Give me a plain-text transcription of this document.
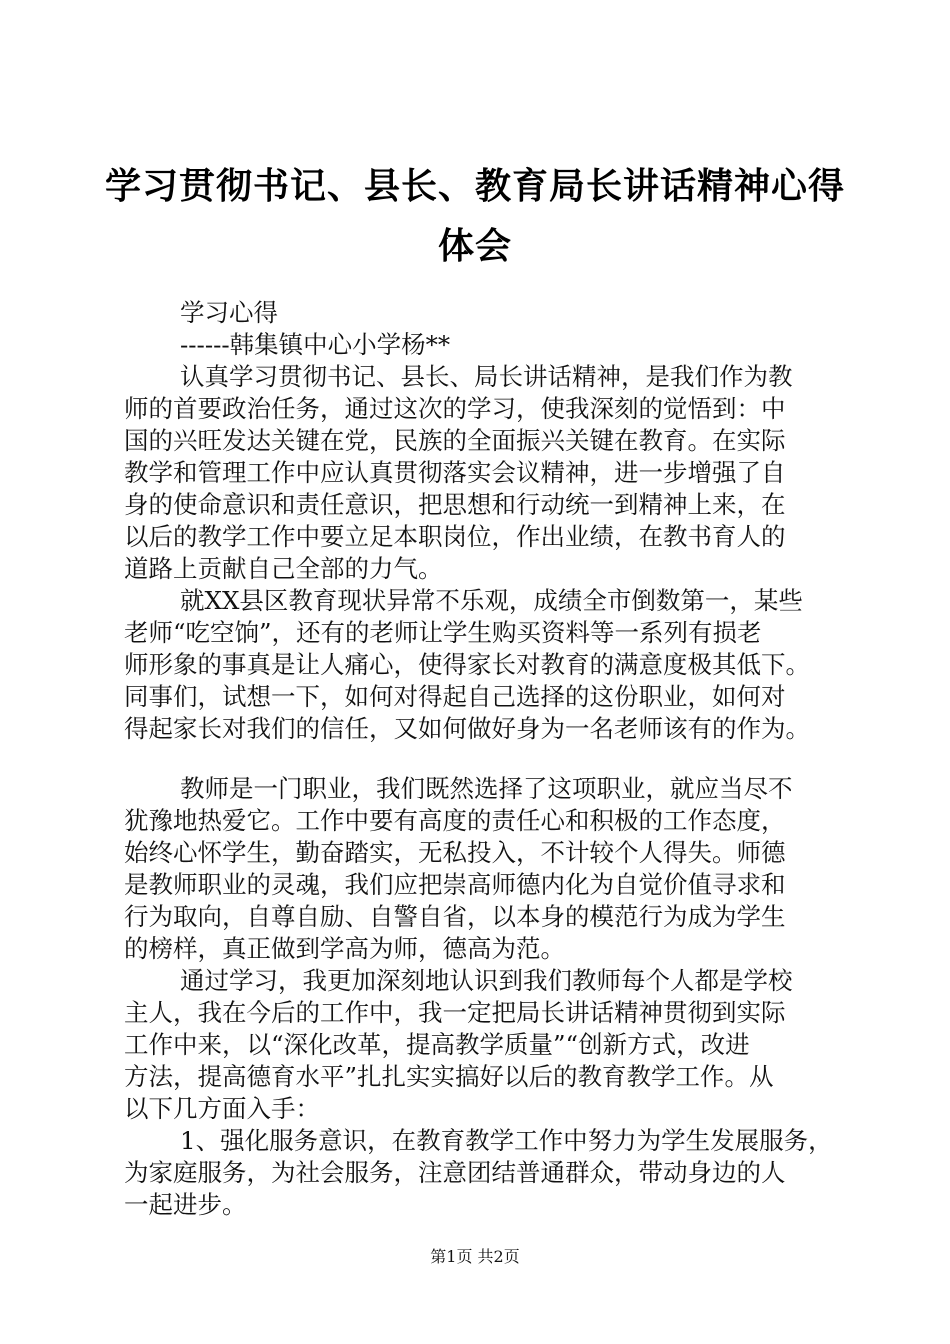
学习贯彻书记、县长、教育局长讲话精神心得
体会
学习心得
------韩集镇中心小学杨**
认真学习贯彻书记、县长、局长讲话精神，是我们作为教
师的首要政治任务，通过这次的学习，使我深刻的觉悟到：中
国的兴旺发达关键在党，民族的全面振兴关键在教育。在实际
教学和管理工作中应认真贯彻落实会议精神，进一步增强了自
身的使命意识和责任意识，把思想和行动统一到精神上来，在
以后的教学工作中要立足本职岗位，作出业绩，在教书育人的
道路上贡献自己全部的力气。
就XX县区教育现状异常不乐观，成绩全市倒数第一，某些
老师“吃空饷”，还有的老师让学生购买资料等一系列有损老
师形象的事真是让人痛心，使得家长对教育的满意度极其低下。
同事们，试想一下，如何对得起自己选择的这份职业，如何对
得起家长对我们的信任，又如何做好身为一名老师该有的作为。
教师是一门职业，我们既然选择了这项职业，就应当尽不
犹豫地热爱它。工作中要有高度的责任心和积极的工作态度，
始终心怀学生，勤奋踏实，无私投入，不计较个人得失。师德
是教师职业的灵魂，我们应把崇高师德内化为自觉价值寻求和
行为取向，自尊自励、自警自省，以本身的模范行为成为学生
的榜样，真正做到学高为师，德高为范。
通过学习，我更加深刻地认识到我们教师每个人都是学校
主人，我在今后的工作中，我一定把局长讲话精神贯彻到实际
工作中来，以“深化改革，提高教学质量”“创新方式，改进
方法，提高德育水平”扎扎实实搞好以后的教育教学工作。从
以下几方面入手：
1、强化服务意识，在教育教学工作中努力为学生发展服务，
为家庭服务，为社会服务，注意团结普通群众，带动身边的人
一起进步。
第1页 共2页
